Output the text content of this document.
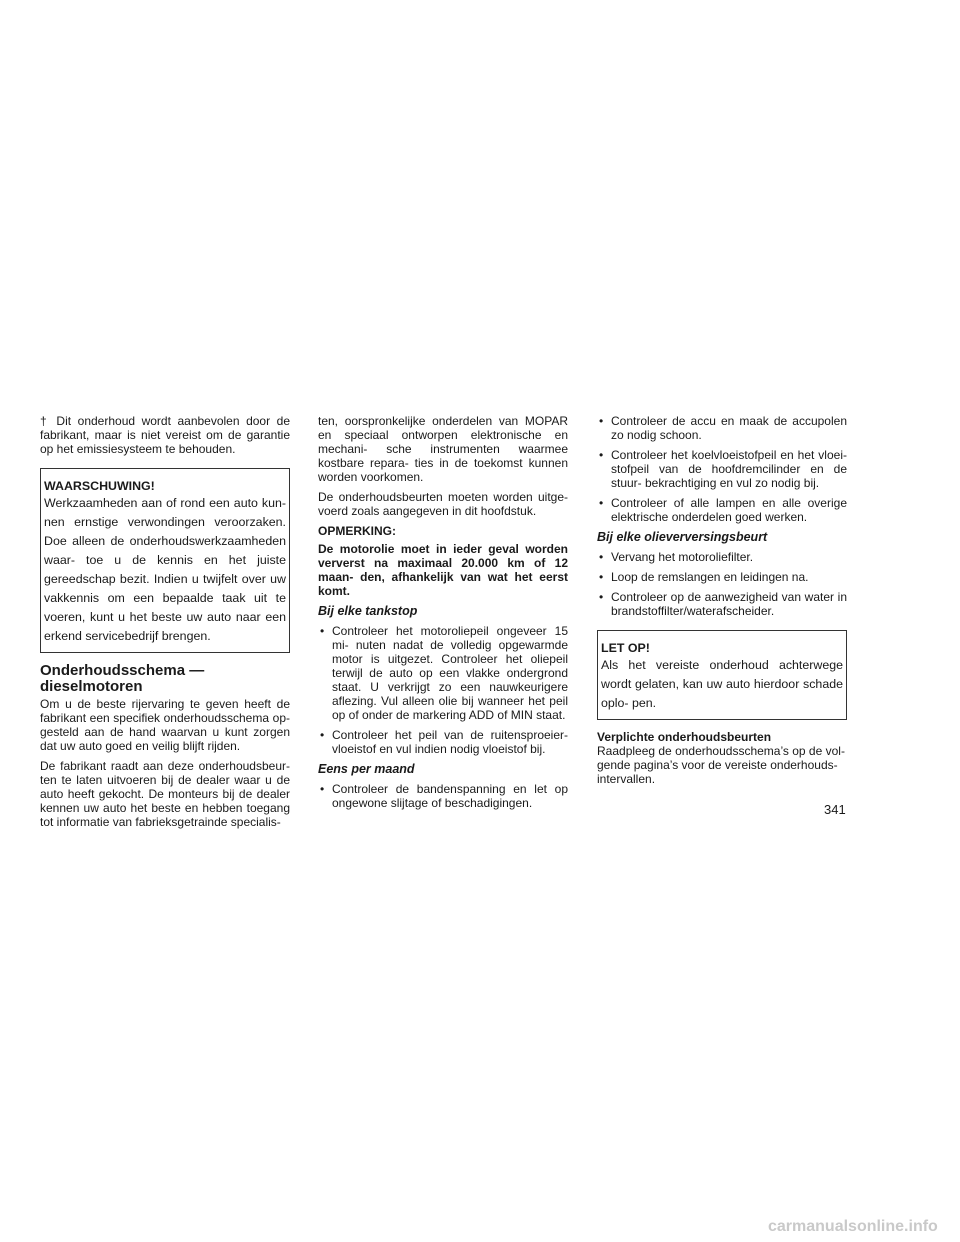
† Dit onderhoud wordt aanbevolen door de fabrikant, maar is niet vereist om de garantie op het emissiesysteem te behouden.

WAARSCHUWING!
Werkzaamheden aan of rond een auto kun- nen ernstige verwondingen veroorzaken. Doe alleen de onderhoudswerkzaamheden waar- toe u de kennis en het juiste gereedschap bezit. Indien u twijfelt over uw vakkennis om een bepaalde taak uit te voeren, kunt u het beste uw auto naar een erkend servicebedrijf brengen.
Onderhoudsschema —
dieselmotoren

Om u de beste rijervaring te geven heeft de fabrikant een specifiek onderhoudsschema op- gesteld aan de hand waarvan u kunt zorgen dat uw auto goed en veilig blijft rijden.

De fabrikant raadt aan deze onderhoudsbeur- ten te laten uitvoeren bij de dealer waar u de auto heeft gekocht. De monteurs bij de dealer kennen uw auto het beste en hebben toegang tot informatie van fabrieksgetrainde specialis-

ten, oorspronkelijke onderdelen van MOPAR en speciaal ontworpen elektronische en mechani- sche instrumenten waarmee kostbare repara- ties in de toekomst kunnen worden voorkomen.

De onderhoudsbeurten moeten worden uitge- voerd zoals aangegeven in dit hoofdstuk.

OPMERKING:
De motorolie moet in ieder geval worden ververst na maximaal 20.000 km of 12 maan- den, afhankelijk van wat het eerst komt.
Bij elke tankstop
• Controleer het motoroliepeil ongeveer 15 mi- nuten nadat de volledig opgewarmde motor is uitgezet. Controleer het oliepeil terwijl de auto op een vlakke ondergrond staat. U verkrijgt zo een nauwkeurigere aflezing. Vul alleen olie bij wanneer het peil op of onder de markering ADD of MIN staat.
• Controleer het peil van de ruitensproeier- vloeistof en vul indien nodig vloeistof bij.
Eens per maand
• Controleer de bandenspanning en let op ongewone slijtage of beschadigingen.
• Controleer de accu en maak de accupolen zo nodig schoon.
• Controleer het koelvloeistofpeil en het vloei- stofpeil van de hoofdremcilinder en de stuur- bekrachtiging en vul zo nodig bij.
• Controleer of alle lampen en alle overige elektrische onderdelen goed werken.
Bij elke olieverversingsbeurt
• Vervang het motoroliefilter.
• Loop de remslangen en leidingen na.
• Controleer op de aanwezigheid van water in brandstoffilter/waterafscheider.
LET OP!
Als het vereiste onderhoud achterwege wordt gelaten, kan uw auto hierdoor schade oplo- pen.
Verplichte onderhoudsbeurten

Raadpleeg de onderhoudsschema’s op de vol- gende pagina’s voor de vereiste onderhouds- intervallen.

341
carmanualsonline.info
